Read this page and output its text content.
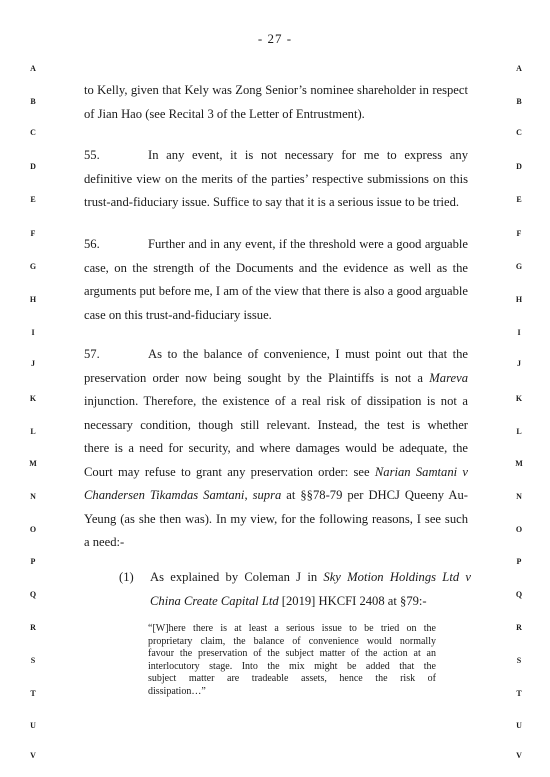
- 27 -
A
B
C
D
E
F
G
H
I
J
K
L
M
N
O
P
Q
R
S
T
U
V
A
B
C
D
E
F
G
H
I
J
K
L
M
N
O
P
Q
R
S
T
U
V
to Kelly, given that Kely was Zong Senior’s nominee shareholder in respect
of Jian Hao (see Recital 3 of the Letter of Entrustment).
55.	In any event, it is not necessary for me to express any
definitive view on the merits of the parties’ respective submissions on this
trust-and-fiduciary issue. Suffice to say that it is a serious issue to be tried.
56.	Further and in any event, if the threshold were a good arguable
case, on the strength of the Documents and the evidence as well as the
arguments put before me, I am of the view that there is also a good arguable
case on this trust-and-fiduciary issue.
57.	As to the balance of convenience, I must point out that the
preservation order now being sought by the Plaintiffs is not a Mareva
injunction. Therefore, the existence of a real risk of dissipation is not a
necessary condition, though still relevant. Instead, the test is whether
there is a need for security, and where damages would be adequate, the
Court may refuse to grant any preservation order: see Narian Samtani v
Chandersen Tikamdas Samtani, supra at §§78-79 per DHCJ Queeny Au-
Yeung (as she then was). In my view, for the following reasons, I see such
a need:-
(1) As explained by Coleman J in Sky Motion Holdings Ltd v
China Create Capital Ltd [2019] HKCFI 2408 at §79:-
“[W]here there is at least a serious issue to be tried on the
proprietary claim, the balance of convenience would normally
favour the preservation of the subject matter of the action at an
interlocutory stage. Into the mix might be added that the
subject matter are tradeable assets, hence the risk of
dissipation…”
